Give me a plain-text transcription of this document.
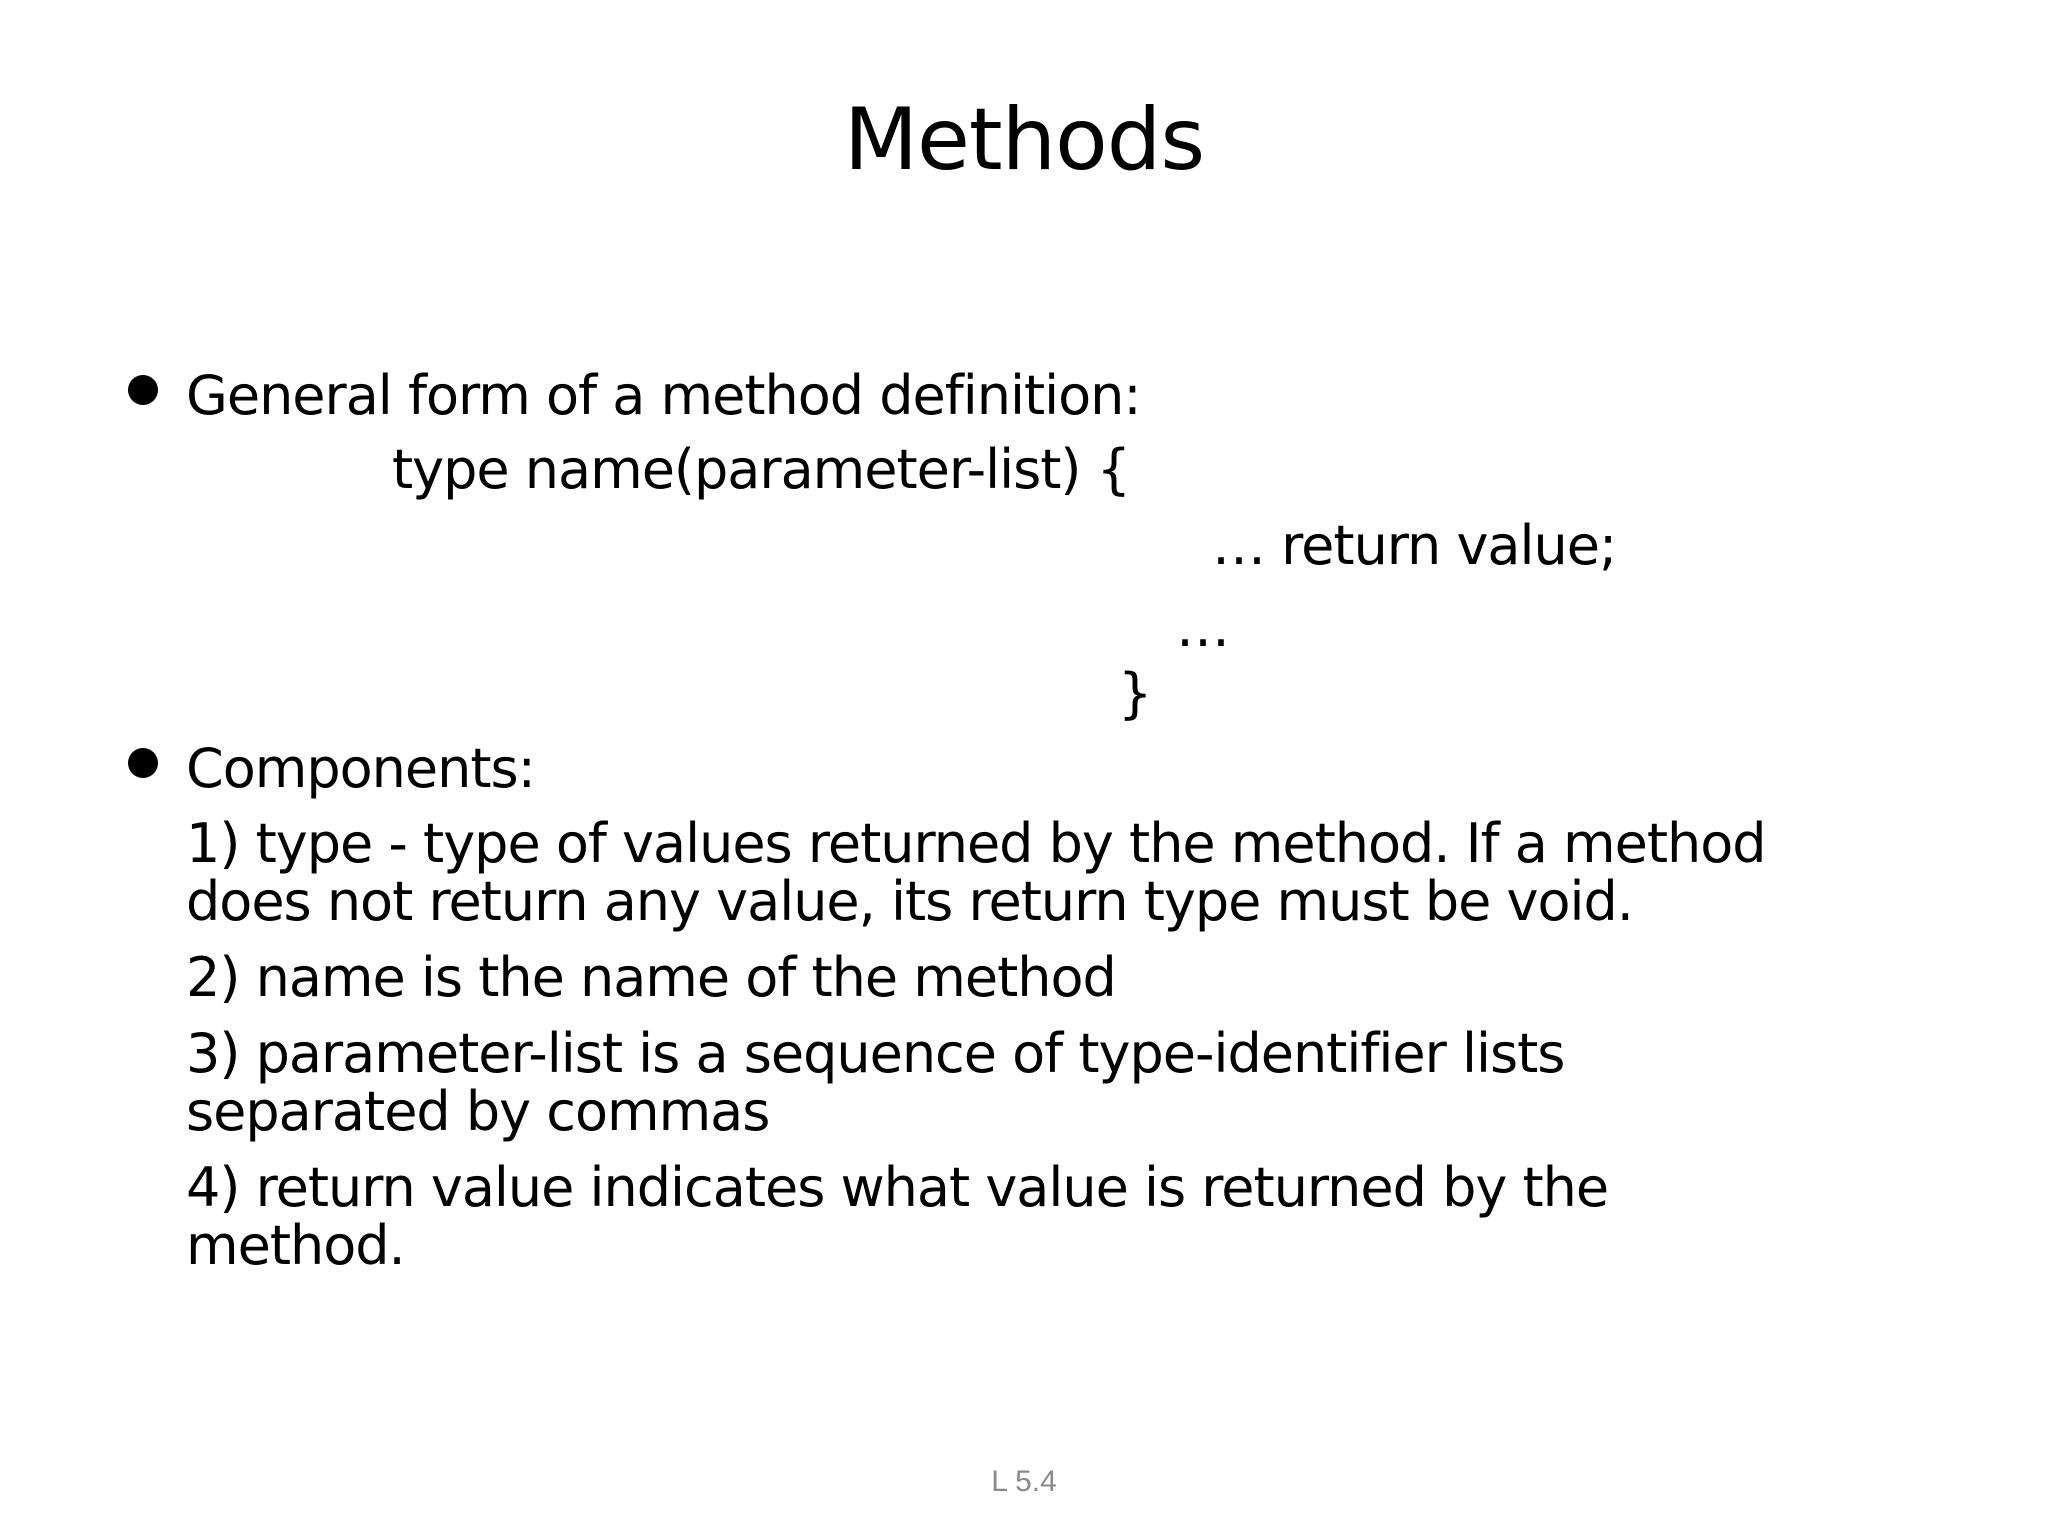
Methods
General form of a method definition:
type name(parameter-list) {
… return value;
…
}
Components:
1) type - type of values returned by the method. If a method
does not return any value, its return type must be void.
2) name is the name of the method
3) parameter-list is a sequence of type-identifier lists
separated by commas
4) return value indicates what value is returned by the
method.
L 5.4
